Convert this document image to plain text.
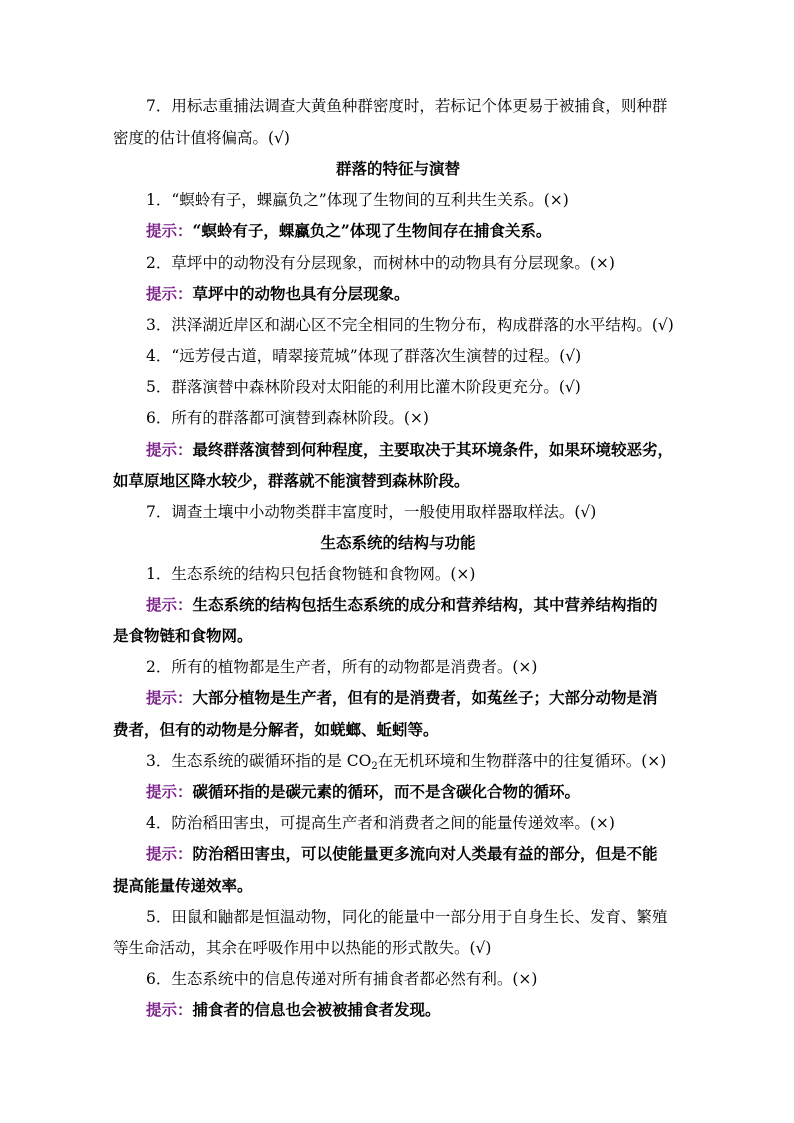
7．用标志重捕法调查大黄鱼种群密度时，若标记个体更易于被捕食，则种群
密度的估计值将偏高。(√)
群落的特征与演替
1．“螟蛉有子，蜾蠃负之”体现了生物间的互利共生关系。(×)
提示：“螟蛉有子，蜾蠃负之”体现了生物间存在捕食关系。
2．草坪中的动物没有分层现象，而树林中的动物具有分层现象。(×)
提示：草坪中的动物也具有分层现象。
3．洪泽湖近岸区和湖心区不完全相同的生物分布，构成群落的水平结构。(√)
4．“远芳侵古道，晴翠接荒城”体现了群落次生演替的过程。(√)
5．群落演替中森林阶段对太阳能的利用比灌木阶段更充分。(√)
6．所有的群落都可演替到森林阶段。(×)
提示：最终群落演替到何种程度，主要取决于其环境条件，如果环境较恶劣，
如草原地区降水较少，群落就不能演替到森林阶段。
7．调查土壤中小动物类群丰富度时，一般使用取样器取样法。(√)
生态系统的结构与功能
1．生态系统的结构只包括食物链和食物网。(×)
提示：生态系统的结构包括生态系统的成分和营养结构，其中营养结构指的
是食物链和食物网。
2．所有的植物都是生产者，所有的动物都是消费者。(×)
提示：大部分植物是生产者，但有的是消费者，如菟丝子；大部分动物是消
费者，但有的动物是分解者，如蜣螂、蚯蚓等。
3．生态系统的碳循环指的是 $CO_2$在无机环境和生物群落中的往复循环。(×)
提示：碳循环指的是碳元素的循环，而不是含碳化合物的循环。
4．防治稻田害虫，可提高生产者和消费者之间的能量传递效率。(×)
提示：防治稻田害虫，可以使能量更多流向对人类最有益的部分，但是不能
提高能量传递效率。
5．田鼠和鼬都是恒温动物，同化的能量中一部分用于自身生长、发育、繁殖
等生命活动，其余在呼吸作用中以热能的形式散失。(√)
6．生态系统中的信息传递对所有捕食者都必然有利。(×)
提示：捕食者的信息也会被被捕食者发现。
